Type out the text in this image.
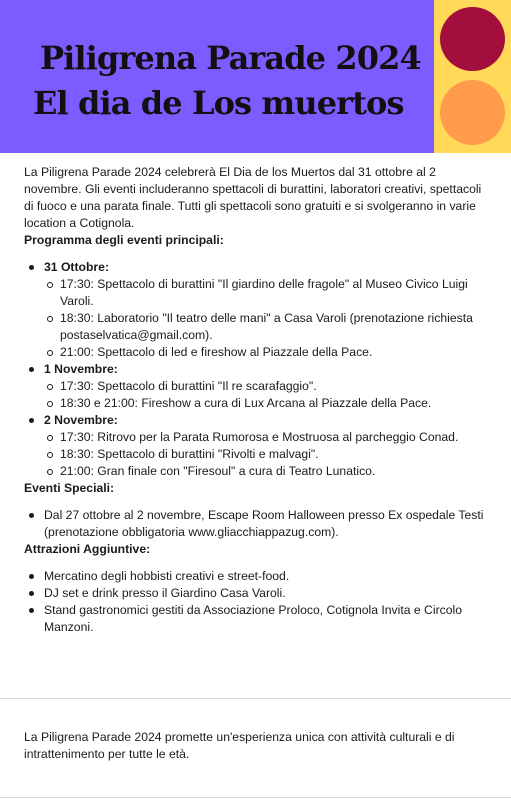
Piligrena Parade 2024
El dia de Los muertos

La Piligrena Parade 2024 celebrerà El Dia de los Muertos dal 31 ottobre al 2 novembre. Gli eventi includeranno spettacoli di burattini, laboratori creativi, spettacoli di fuoco e una parata finale. Tutti gli spettacoli sono gratuiti e si svolgeranno in varie location a Cotignola.

Programma degli eventi principali:

31 Ottobre:
17:30: Spettacolo di burattini "Il giardino delle fragole" al Museo Civico Luigi Varoli.
18:30: Laboratorio "Il teatro delle mani" a Casa Varoli (prenotazione richiesta postaselvatica@gmail.com).
21:00: Spettacolo di led e fireshow al Piazzale della Pace.
1 Novembre:
17:30: Spettacolo di burattini "Il re scarafaggio".
18:30 e 21:00: Fireshow a cura di Lux Arcana al Piazzale della Pace.
2 Novembre:
17:30: Ritrovo per la Parata Rumorosa e Mostruosa al parcheggio Conad.
18:30: Spettacolo di burattini "Rivolti e malvagi".
21:00: Gran finale con "Firesoul" a cura di Teatro Lunatico.

Eventi Speciali:

Dal 27 ottobre al 2 novembre, Escape Room Halloween presso Ex ospedale Testi (prenotazione obbligatoria www.gliacchiappazug.com).

Attrazioni Aggiuntive:

Mercatino degli hobbisti creativi e street-food.
DJ set e drink presso il Giardino Casa Varoli.
Stand gastronomici gestiti da Associazione Proloco, Cotignola Invita e Circolo Manzoni.

La Piligrena Parade 2024 promette un'esperienza unica con attività culturali e di intrattenimento per tutte le età.
